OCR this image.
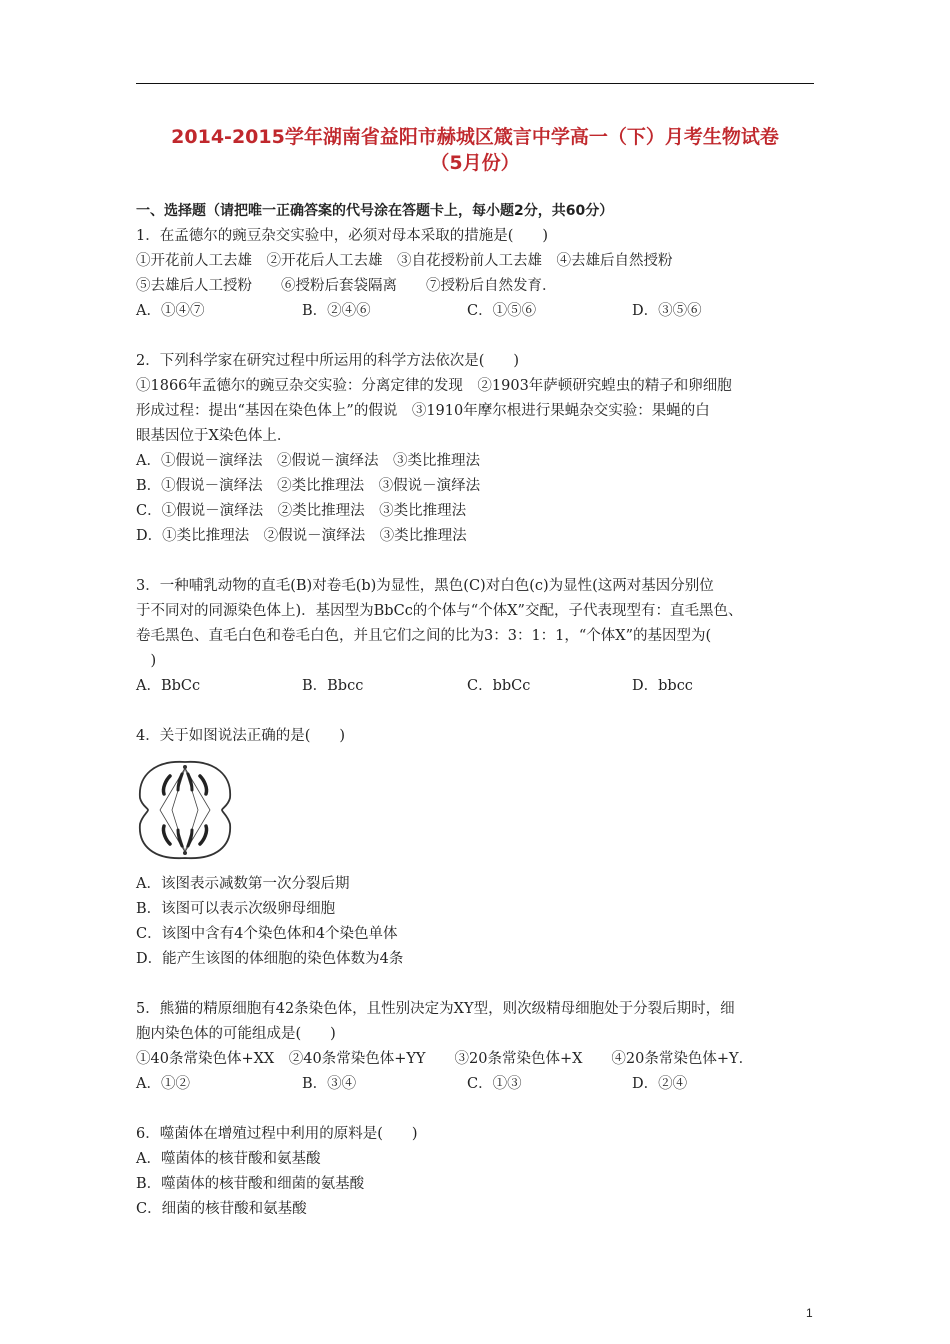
2014-2015学年湖南省益阳市赫城区箴言中学高一（下）月考生物试卷
（5月份）
一、选择题（请把唯一正确答案的代号涂在答题卡上，每小题2分，共60分）
1．在孟德尔的豌豆杂交实验中，必须对母本采取的措施是(　　)
①开花前人工去雄　②开花后人工去雄　③自花授粉前人工去雄　④去雄后自然授粉
⑤去雄后人工授粉　　⑥授粉后套袋隔离　　⑦授粉后自然发育．
A．①④⑦	B．②④⑥	C．①⑤⑥	D．③⑤⑥
2．下列科学家在研究过程中所运用的科学方法依次是(　　)
①1866年孟德尔的豌豆杂交实验：分离定律的发现　②1903年萨顿研究蝗虫的精子和卵细胞
形成过程：提出“基因在染色体上”的假说　③1910年摩尔根进行果蝇杂交实验：果蝇的白
眼基因位于X染色体上．
A．①假说－演绎法　②假说－演绎法　③类比推理法
B．①假说－演绎法　②类比推理法　③假说－演绎法
C．①假说－演绎法　②类比推理法　③类比推理法
D．①类比推理法　②假说－演绎法　③类比推理法
3．一种哺乳动物的直毛(B)对卷毛(b)为显性，黑色(C)对白色(c)为显性(这两对基因分别位
于不同对的同源染色体上)．基因型为BbCc的个体与“个体X”交配，子代表现型有：直毛黑色、
卷毛黑色、直毛白色和卷毛白色，并且它们之间的比为3：3：1：1，“个体X”的基因型为(
　)
A．BbCc	B．Bbcc	C．bbCc	D．bbcc
4．关于如图说法正确的是(　　)
A．该图表示减数第一次分裂后期
B．该图可以表示次级卵母细胞
C．该图中含有4个染色体和4个染色单体
D．能产生该图的体细胞的染色体数为4条
5．熊猫的精原细胞有42条染色体，且性别决定为XY型，则次级精母细胞处于分裂后期时，细
胞内染色体的可能组成是(　　)
①40条常染色体+XX　②40条常染色体+YY　　③20条常染色体+X　　④20条常染色体+Y．
A．①②	B．③④	C．①③	D．②④
6．噬菌体在增殖过程中利用的原料是(　　)
A．噬菌体的核苷酸和氨基酸
B．噬菌体的核苷酸和细菌的氨基酸
C．细菌的核苷酸和氨基酸
1
